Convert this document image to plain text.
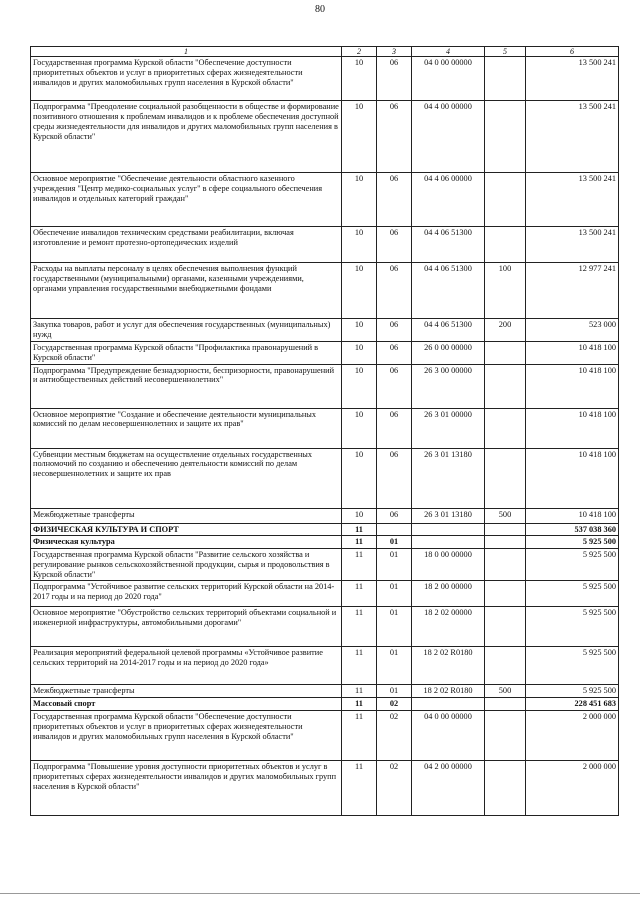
80
1	2	3	4	5	6
Государственная программа Курской области "Обеспечение доступности приоритетных объектов и услуг в приоритетных сферах жизнедеятельности инвалидов и других маломобильных групп населения в Курской области"	10	06	04 0 00 00000		13 500 241
Подпрограмма "Преодоление социальной разобщенности в обществе и формирование позитивного отношения к проблемам инвалидов и к проблеме обеспечения доступной среды жизнедеятельности для инвалидов и других маломобильных групп населения в Курской области"	10	06	04 4 00 00000		13 500 241
Основное мероприятие "Обеспечение деятельности областного казенного учреждения "Центр медико-социальных услуг" в сфере социального обеспечения инвалидов и отдельных категорий граждан"	10	06	04 4 06 00000		13 500 241
Обеспечение инвалидов техническим средствами реабилитации, включая изготовление и ремонт протезно-ортопедических изделий	10	06	04 4 06 51300		13 500 241
Расходы на выплаты персоналу в целях обеспечения выполнения функций государственными (муниципальными) органами, казенными учреждениями, органами управления государственными внебюджетными фондами	10	06	04 4 06 51300	100	12 977 241
Закупка товаров, работ и услуг для обеспечения государственных (муниципальных) нужд	10	06	04 4 06 51300	200	523 000
Государственная программа Курской области "Профилактика правонарушений в Курской области"	10	06	26 0 00 00000		10 418 100
Подпрограмма "Предупреждение безнадзорности, беспризорности, правонарушений и антиобщественных действий несовершеннолетних"	10	06	26 3 00 00000		10 418 100
Основное мероприятие "Создание и обеспечение деятельности муниципальных комиссий по делам несовершеннолетних и защите их прав"	10	06	26 3 01 00000		10 418 100
Субвенции местным бюджетам на осуществление отдельных государственных полномочий по созданию и обеспечению деятельности комиссий по делам несовершеннолетних и защите их прав	10	06	26 3 01 13180		10 418 100
Межбюджетные трансферты	10	06	26 3 01 13180	500	10 418 100
ФИЗИЧЕСКАЯ КУЛЬТУРА И СПОРТ	11				537 038 360
Физическая культура	11	01			5 925 500
Государственная программа Курской области "Развитие сельского хозяйства и регулирование рынков сельскохозяйственной продукции, сырья и продовольствия в Курской области"	11	01	18 0 00 00000		5 925 500
Подпрограмма "Устойчивое развитие сельских территорий Курской области на 2014-2017 годы и на период до 2020 года"	11	01	18 2 00 00000		5 925 500
Основное мероприятие "Обустройство сельских территорий объектами социальной и инженерной инфраструктуры, автомобильными дорогами"	11	01	18 2 02 00000		5 925 500
Реализация мероприятий федеральной целевой программы «Устойчивое развитие сельских территорий на 2014-2017 годы и на период до 2020 года»	11	01	18 2 02 R0180		5 925 500
Межбюджетные трансферты	11	01	18 2 02 R0180	500	5 925 500
Массовый спорт	11	02			228 451 683
Государственная программа Курской области "Обеспечение доступности приоритетных объектов и услуг в приоритетных сферах жизнедеятельности инвалидов и других маломобильных групп населения в Курской области"	11	02	04 0 00 00000		2 000 000
Подпрограмма "Повышение уровня доступности приоритетных объектов и услуг в приоритетных сферах жизнедеятельности инвалидов и других маломобильных групп населения в Курской области"	11	02	04 2 00 00000		2 000 000
